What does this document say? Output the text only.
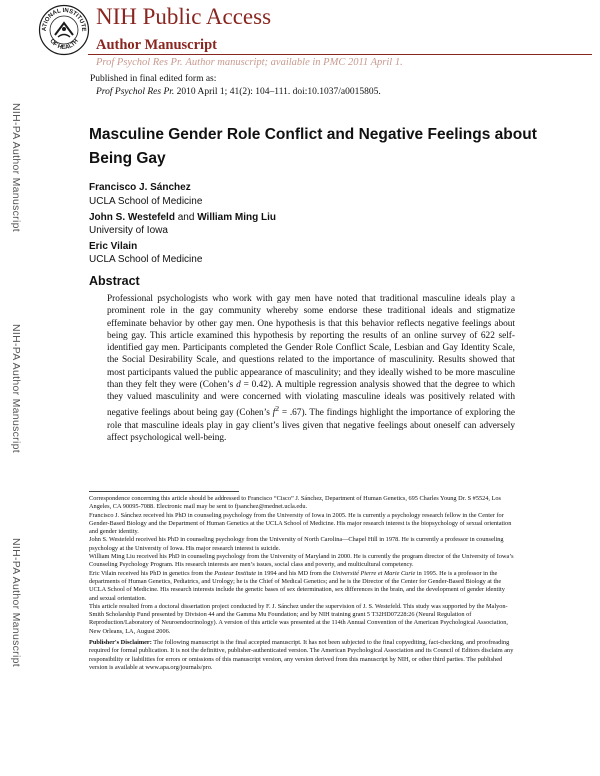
ATIONAL INSTITUTE
OF HEALTH
NIH Public Access
Author Manuscript
Prof Psychol Res Pr. Author manuscript; available in PMC 2011 April 1.
Published in final edited form as:
Prof Psychol Res Pr. 2010 April 1; 41(2): 104–111. doi:10.1037/a0015805.
NIH-PA Author Manuscript
NIH-PA Author Manuscript
NIH-PA Author Manuscript
Masculine Gender Role Conflict and Negative Feelings about Being Gay
Francisco J. Sánchez
UCLA School of Medicine
John S. Westefeld and William Ming Liu
University of Iowa
Eric Vilain
UCLA School of Medicine
Abstract
Professional psychologists who work with gay men have noted that traditional masculine ideals play a prominent role in the gay community whereby some endorse these traditional ideals and stigmatize effeminate behavior by other gay men. One hypothesis is that this behavior reflects negative feelings about being gay. This article examined this hypothesis by reporting the results of an online survey of 622 self-identified gay men. Participants completed the Gender Role Conflict Scale, Lesbian and Gay Identity Scale, the Social Desirability Scale, and questions related to the importance of masculinity. Results showed that most participants valued the public appearance of masculinity; and they ideally wished to be more masculine than they felt they were (Cohen’s d = 0.42). A multiple regression analysis showed that the degree to which they valued masculinity and were concerned with violating masculine ideals was positively related with negative feelings about being gay (Cohen’s $f^2 = .67$). The findings highlight the importance of exploring the role that masculine ideals play in gay client’s lives given that negative feelings about oneself can adversely affect psychological well-being.

Correspondence concerning this article should be addressed to Francisco “Cisco” J. Sánchez, Department of Human Genetics, 695 Charles Young Dr. S #5524, Los Angeles, CA 90095-7088. Electronic mail may be sent to fjsanchez@mednet.ucla.edu.

Francisco J. Sánchez received his PhD in counseling psychology from the University of Iowa in 2005. He is currently a psychology research fellow in the Center for Gender-Based Biology and the Department of Human Genetics at the UCLA School of Medicine. His major research interest is the biopsychology of sexual orientation and gender identity.

John S. Westefeld received his PhD in counseling psychology from the University of North Carolina—Chapel Hill in 1978. He is currently a professor in counseling psychology at the University of Iowa. His major research interest is suicide.

William Ming Liu received his PhD in counseling psychology from the University of Maryland in 2000. He is currently the program director of the University of Iowa’s Counseling Psychology Program. His research interests are men’s issues, social class and poverty, and multicultural competency.

Eric Vilain received his PhD in genetics from the Pasteur Institute in 1994 and his MD from the Université Pierre et Marie Curie in 1995. He is a professor in the departments of Human Genetics, Pediatrics, and Urology; he is the Chief of Medical Genetics; and he is the Director of the Center for Gender-Based Biology at the UCLA School of Medicine. His research interests include the genetic bases of sex determination, sex differences in the brain, and the development of gender identity and sexual orientation.

This article resulted from a doctoral dissertation project conducted by F. J. Sánchez under the supervision of J. S. Westefeld. This study was supported by the Malyon-Smith Scholarship Fund presented by Division 44 and the Gamma Mu Foundation; and by NIH training grant 5 T32HD07228:26 (Neural Regulation of Reproduction/Laboratory of Neuroendocrinology). A version of this article was presented at the 114th Annual Convention of the American Psychological Association, New Orleans, LA, August 2006.

Publisher's Disclaimer: The following manuscript is the final accepted manuscript. It has not been subjected to the final copyediting, fact-checking, and proofreading required for formal publication. It is not the definitive, publisher-authenticated version. The American Psychological Association and its Council of Editors disclaim any responsibility or liabilities for errors or omissions of this manuscript version, any version derived from this manuscript by NIH, or other third parties. The published version is available at www.apa.org/journals/pro.
